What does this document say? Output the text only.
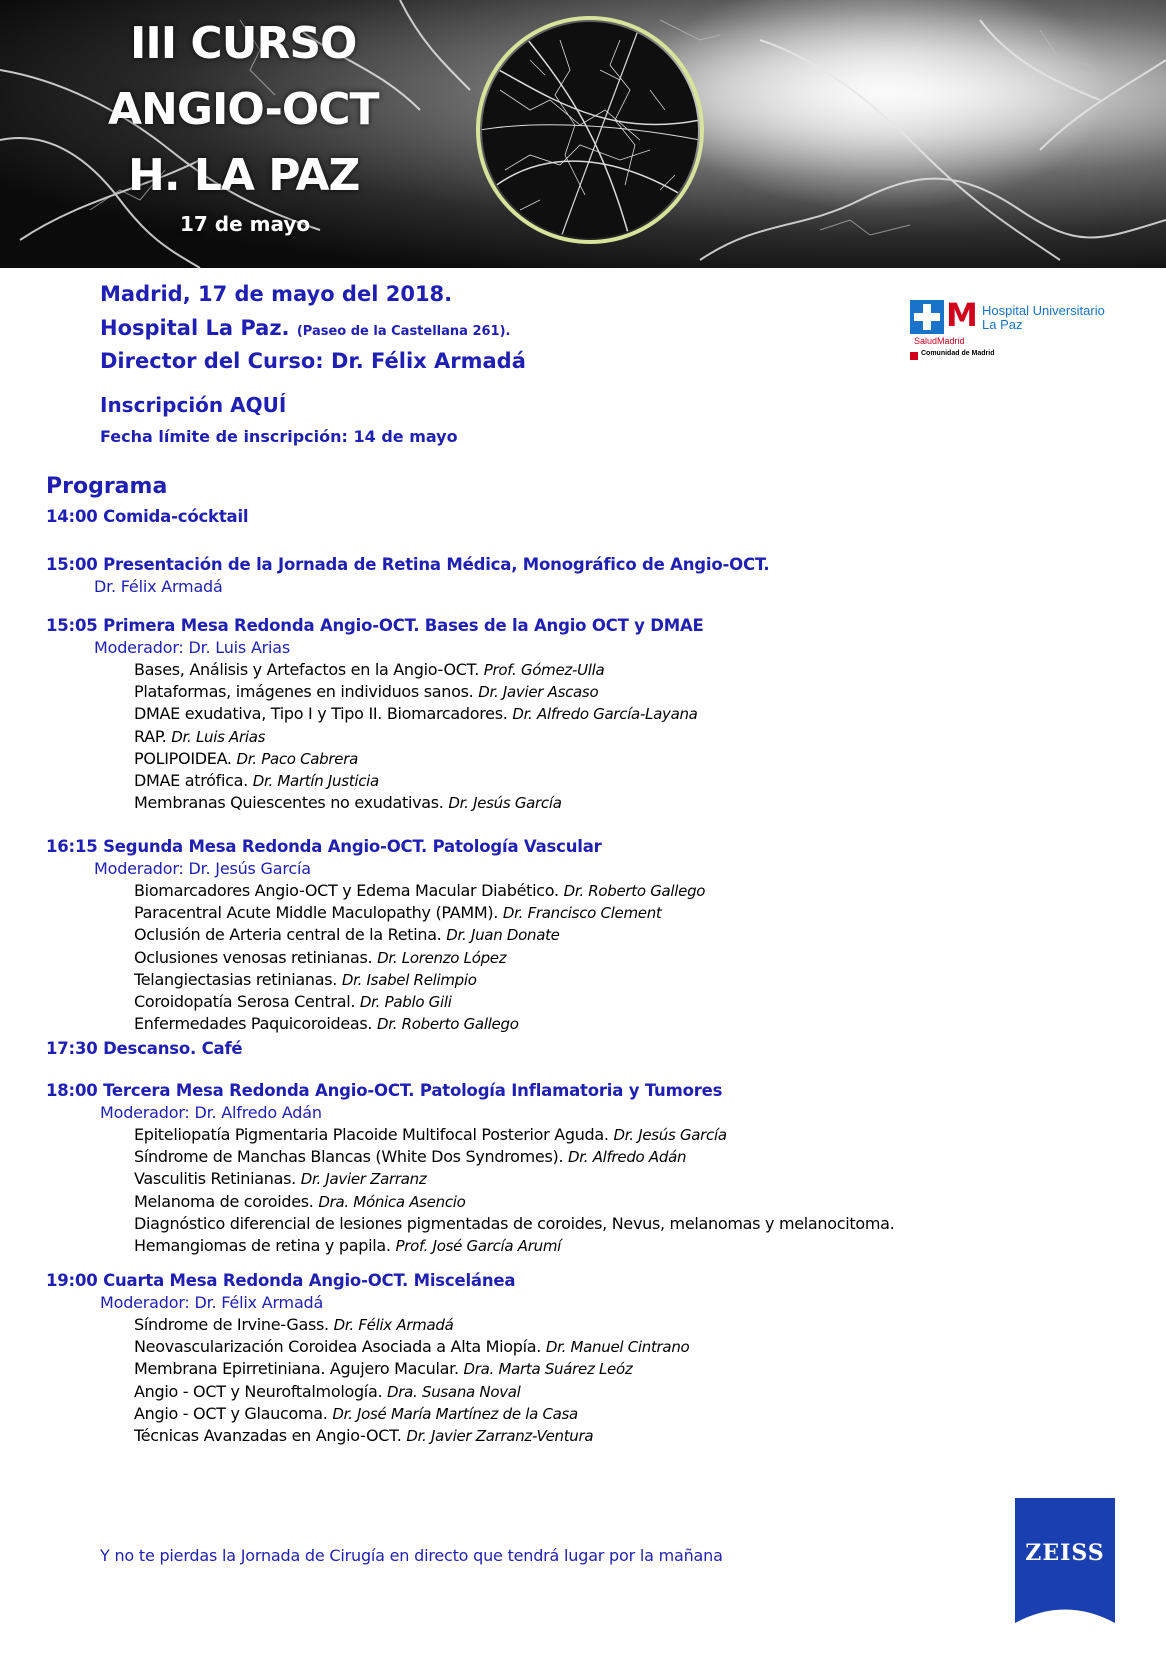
III CURSO
ANGIO-OCT
H. LA PAZ
17 de mayo
Madrid, 17 de mayo del 2018.
Hospital La Paz. (Paseo de la Castellana 261).
Director del Curso: Dr. Félix Armadá
Inscripción AQUÍ
Fecha límite de inscripción: 14 de mayo
M Hospital Universitario
La Paz
SaludMadrid
Comunidad de Madrid
Programa
14:00 Comida-cócktail
15:00 Presentación de la Jornada de Retina Médica, Monográfico de Angio-OCT.
Dr. Félix Armadá
15:05 Primera Mesa Redonda Angio-OCT. Bases de la Angio OCT y DMAE
Moderador: Dr. Luis Arias
Bases, Análisis y Artefactos en la Angio-OCT. Prof. Gómez-Ulla
Plataformas, imágenes en individuos sanos. Dr. Javier Ascaso
DMAE exudativa, Tipo I y Tipo II. Biomarcadores. Dr. Alfredo García-Layana
RAP. Dr. Luis Arias
POLIPOIDEA. Dr. Paco Cabrera
DMAE atrófica. Dr. Martín Justicia
Membranas Quiescentes no exudativas. Dr. Jesús García
16:15 Segunda Mesa Redonda Angio-OCT. Patología Vascular
Moderador: Dr. Jesús García
Biomarcadores Angio-OCT y Edema Macular Diabético. Dr. Roberto Gallego
Paracentral Acute Middle Maculopathy (PAMM). Dr. Francisco Clement
Oclusión de Arteria central de la Retina. Dr. Juan Donate
Oclusiones venosas retinianas. Dr. Lorenzo López
Telangiectasias retinianas. Dr. Isabel Relimpio
Coroidopatía Serosa Central. Dr. Pablo Gili
Enfermedades Paquicoroideas. Dr. Roberto Gallego
17:30 Descanso. Café
18:00 Tercera Mesa Redonda Angio-OCT. Patología Inflamatoria y Tumores
Moderador: Dr. Alfredo Adán
Epiteliopatía Pigmentaria Placoide Multifocal Posterior Aguda. Dr. Jesús García
Síndrome de Manchas Blancas (White Dos Syndromes). Dr. Alfredo Adán
Vasculitis Retinianas. Dr. Javier Zarranz
Melanoma de coroides. Dra. Mónica Asencio
Diagnóstico diferencial de lesiones pigmentadas de coroides, Nevus, melanomas y melanocitoma.
Hemangiomas de retina y papila. Prof. José García Arumí
19:00 Cuarta Mesa Redonda Angio-OCT. Miscelánea
Moderador: Dr. Félix Armadá
Síndrome de Irvine-Gass. Dr. Félix Armadá
Neovascularización Coroidea Asociada a Alta Miopía. Dr. Manuel Cintrano
Membrana Epirretiniana. Agujero Macular. Dra. Marta Suárez Leóz
Angio - OCT y Neuroftalmología. Dra. Susana Noval
Angio - OCT y Glaucoma. Dr. José María Martínez de la Casa
Técnicas Avanzadas en Angio-OCT. Dr. Javier Zarranz-Ventura
Y no te pierdas la Jornada de Cirugía en directo que tendrá lugar por la mañana	ZEISS
